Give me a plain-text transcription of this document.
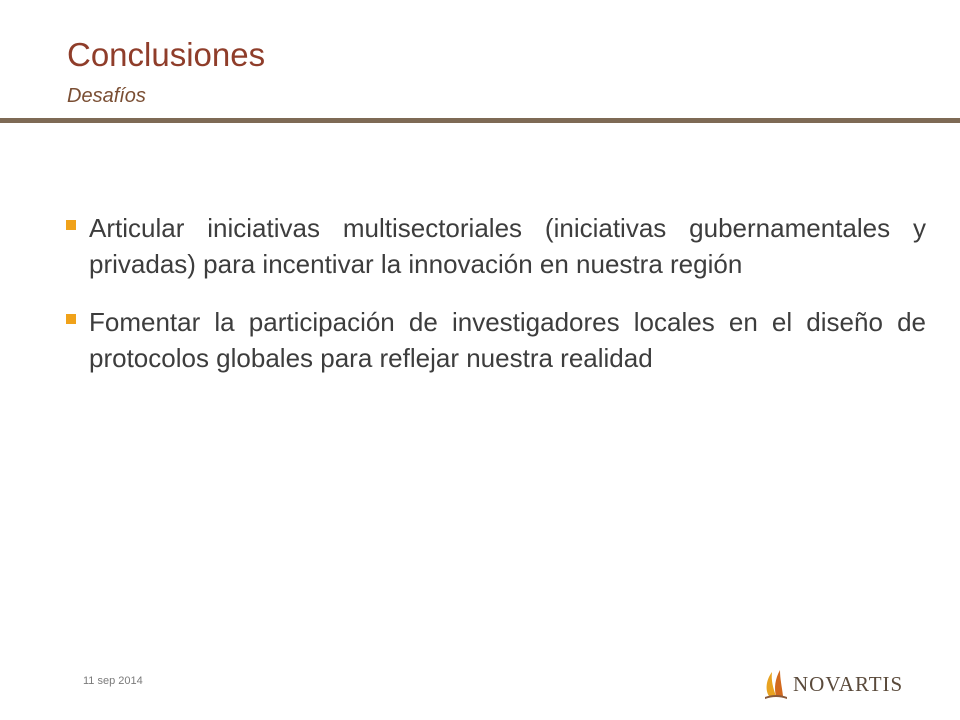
Conclusiones
Desafíos
Articular iniciativas multisectoriales (iniciativas gubernamentales y privadas) para incentivar la innovación en nuestra región
Fomentar la participación de investigadores locales en el diseño de protocolos globales para reflejar nuestra realidad
11 sep 2014	NOVARTIS
